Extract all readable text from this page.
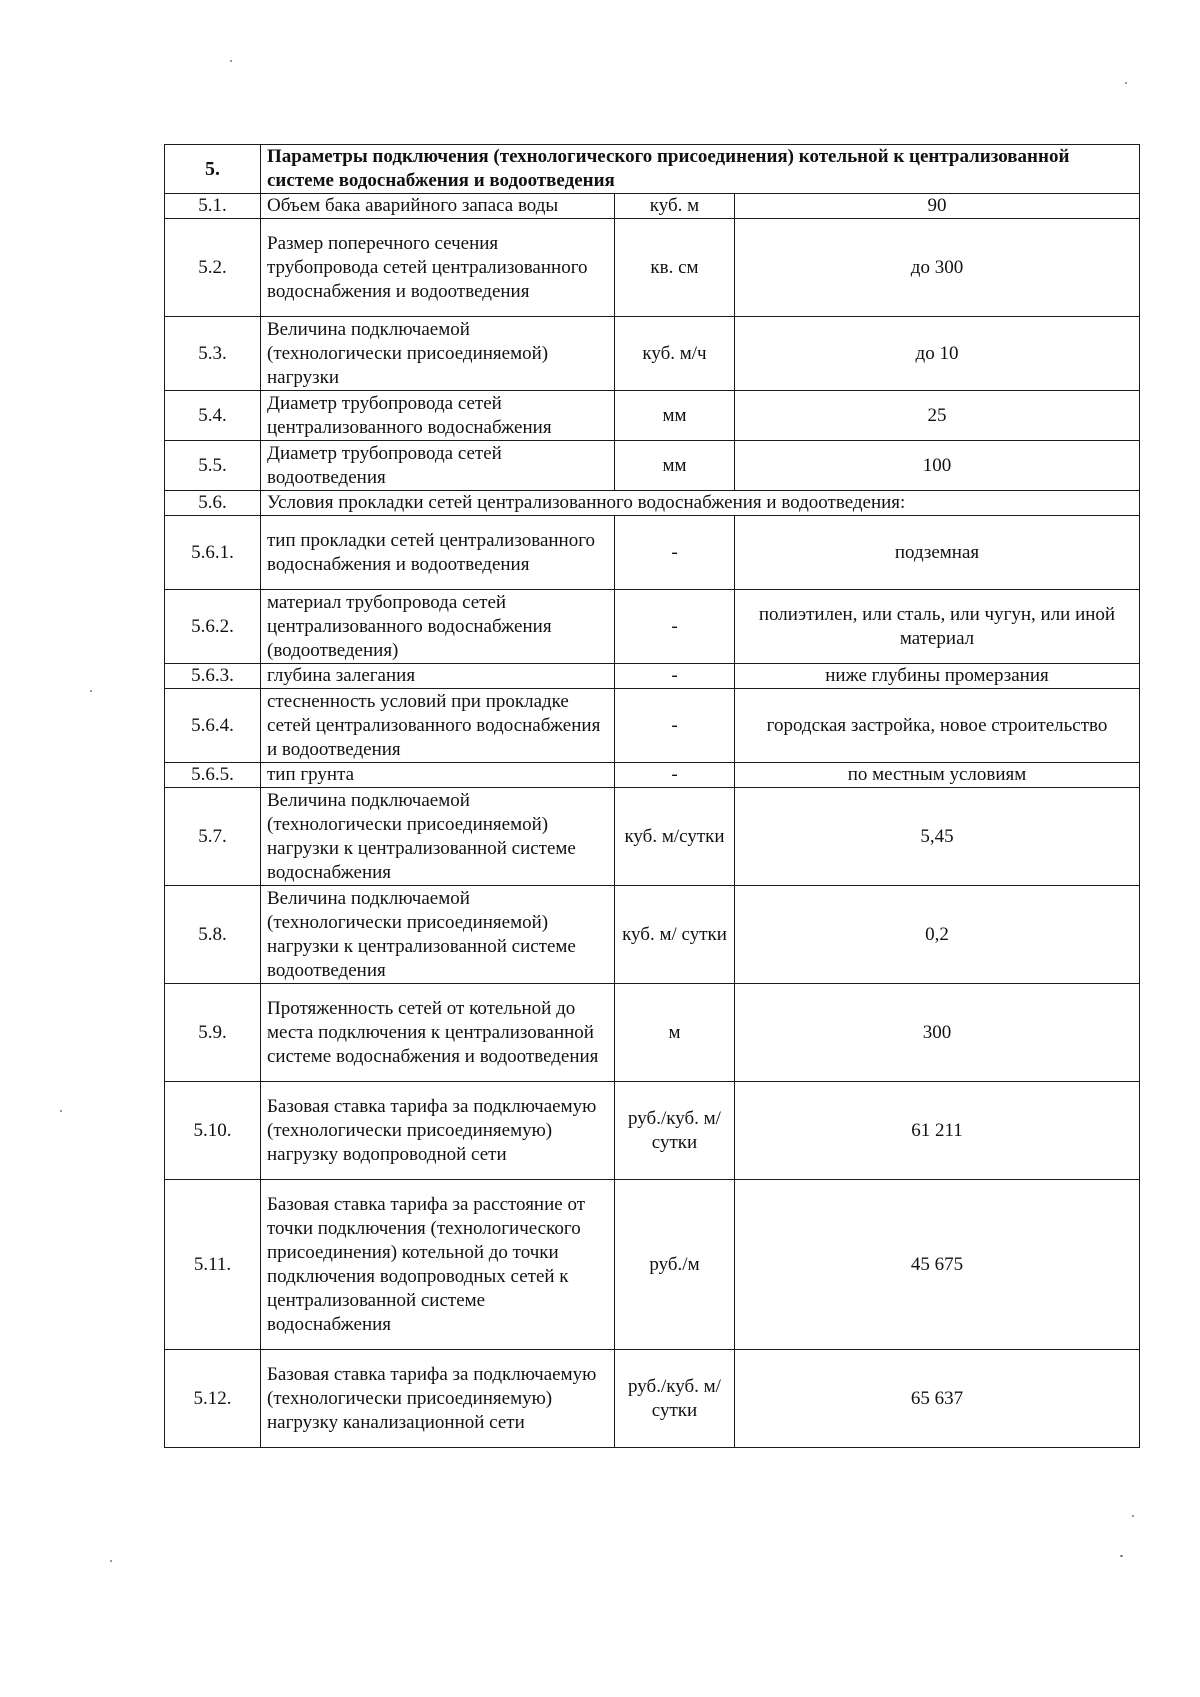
5.	Параметры подключения (технологического присоединения) котельной к централизованной системе водоснабжения и водоотведения		
5.1.	Объем бака аварийного запаса воды	куб. м	90
5.2.	Размер поперечного сечения трубопровода сетей централизованного водоснабжения и водоотведения	кв. см	до 300
5.3.	Величина подключаемой (технологически присоединяемой) нагрузки	куб. м/ч	до 10
5.4.	Диаметр трубопровода сетей централизованного водоснабжения	мм	25
5.5.	Диаметр трубопровода сетей водоотведения	мм	100
5.6.	Условия прокладки сетей централизованного водоснабжения и водоотведения:		
5.6.1.	тип прокладки сетей централизованного водоснабжения и водоотведения	-	подземная
5.6.2.	материал трубопровода сетей централизованного водоснабжения (водоотведения)	-	полиэтилен, или сталь, или чугун, или иной материал
5.6.3.	глубина залегания	-	ниже глубины промерзания
5.6.4.	стесненность условий при прокладке сетей централизованного водоснабжения и водоотведения	-	городская застройка, новое строительство
5.6.5.	тип грунта	-	по местным условиям
5.7.	Величина подключаемой (технологически присоединяемой) нагрузки к централизованной системе водоснабжения	куб. м/сутки	5,45
5.8.	Величина подключаемой (технологически присоединяемой) нагрузки к централизованной системе водоотведения	куб. м/ сутки	0,2
5.9.	Протяженность сетей от котельной до места подключения к централизованной системе водоснабжения и водоотведения	м	300
5.10.	Базовая ставка тарифа за подключаемую (технологически присоединяемую) нагрузку водопроводной сети	руб./куб. м/ сутки	61 211
5.11.	Базовая ставка тарифа за расстояние от точки подключения (технологического присоединения) котельной до точки подключения водопроводных сетей к централизованной системе водоснабжения	руб./м	45 675
5.12.	Базовая ставка тарифа за подключаемую (технологически присоединяемую) нагрузку канализационной сети	руб./куб. м/ сутки	65 637
